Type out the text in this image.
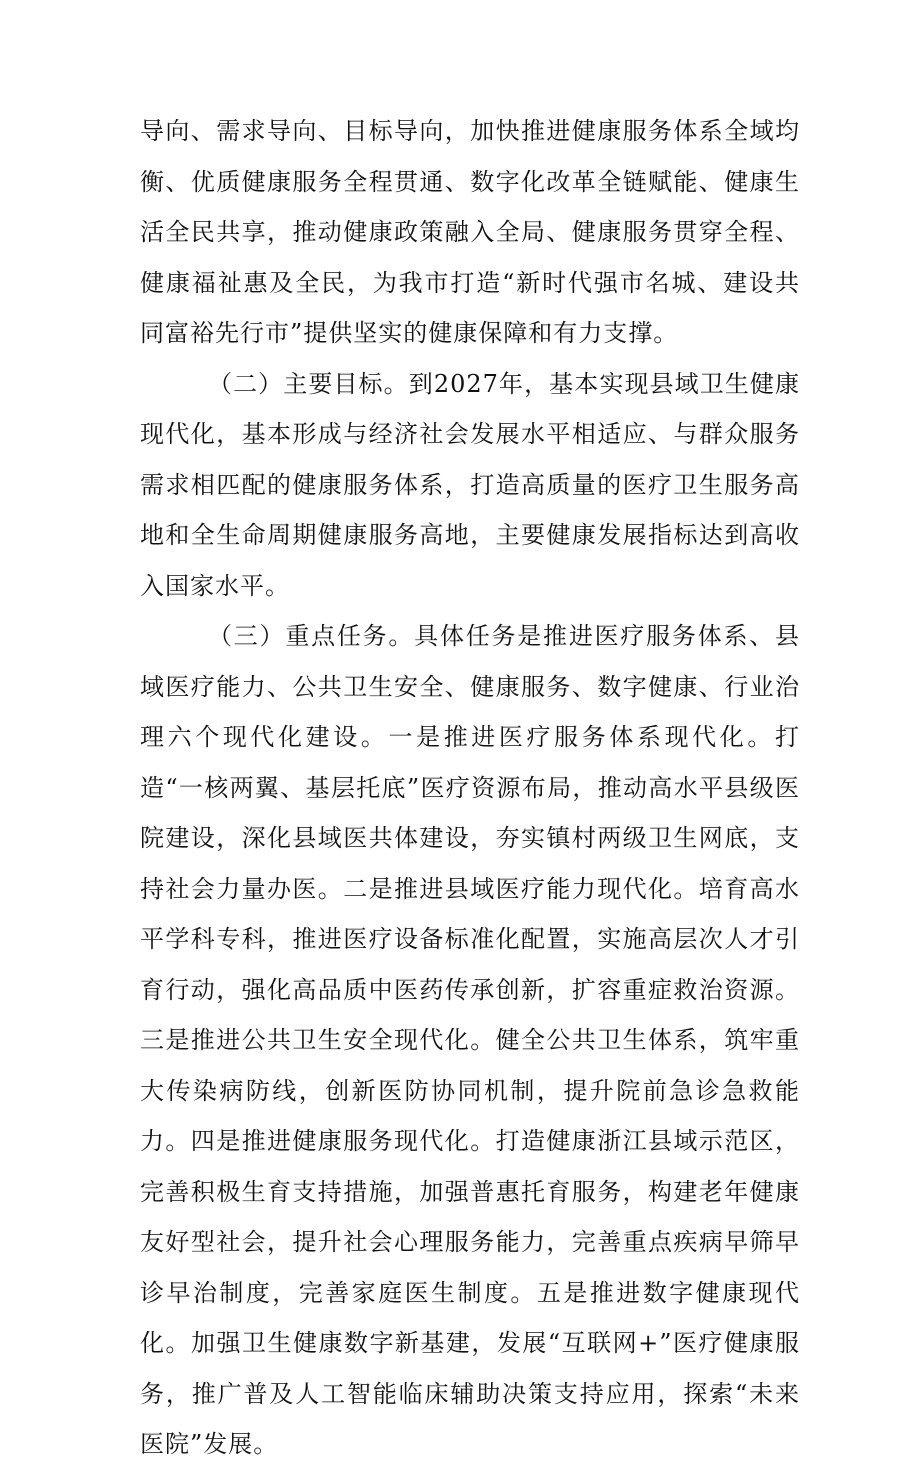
导向、需求导向、目标导向，加快推进健康服务体系全域均衡、优质健康服务全程贯通、数字化改革全链赋能、健康生活全民共享，推动健康政策融入全局、健康服务贯穿全程、健康福祉惠及全民，为我市打造“新时代强市名城、建设共同富裕先行市”提供坚实的健康保障和有力支撑。

（二）主要目标。到2027年，基本实现县域卫生健康现代化，基本形成与经济社会发展水平相适应、与群众服务需求相匹配的健康服务体系，打造高质量的医疗卫生服务高地和全生命周期健康服务高地，主要健康发展指标达到高收入国家水平。

（三）重点任务。具体任务是推进医疗服务体系、县域医疗能力、公共卫生安全、健康服务、数字健康、行业治理六个现代化建设。一是推进医疗服务体系现代化。打造“一核两翼、基层托底”医疗资源布局，推动高水平县级医院建设，深化县域医共体建设，夯实镇村两级卫生网底，支持社会力量办医。二是推进县域医疗能力现代化。培育高水平学科专科，推进医疗设备标准化配置，实施高层次人才引育行动，强化高品质中医药传承创新，扩容重症救治资源。三是推进公共卫生安全现代化。健全公共卫生体系，筑牢重大传染病防线，创新医防协同机制，提升院前急诊急救能力。四是推进健康服务现代化。打造健康浙江县域示范区，完善积极生育支持措施，加强普惠托育服务，构建老年健康友好型社会，提升社会心理服务能力，完善重点疾病早筛早诊早治制度，完善家庭医生制度。五是推进数字健康现代化。加强卫生健康数字新基建，发展“互联网+”医疗健康服务，推广普及人工智能临床辅助决策支持应用，探索“未来医院”发展。
